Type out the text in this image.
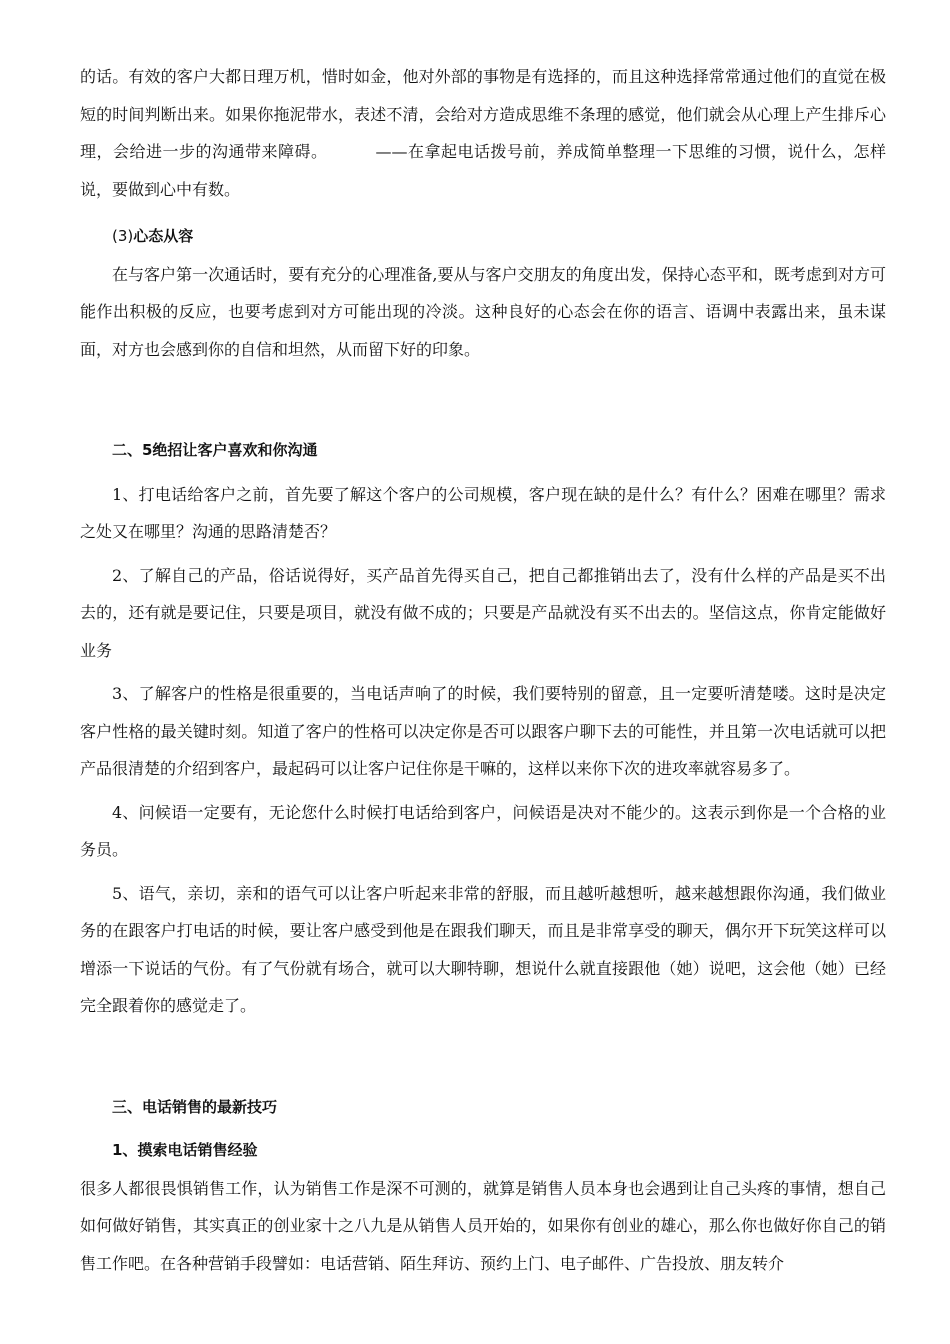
的话。有效的客户大都日理万机，惜时如金，他对外部的事物是有选择的，而且这种选择常常通过他们的直觉在极短的时间判断出来。如果你拖泥带水，表述不清，会给对方造成思维不条理的感觉，他们就会从心理上产生排斥心理，会给进一步的沟通带来障碍。	——在拿起电话拨号前，养成简单整理一下思维的习惯，说什么，怎样说，要做到心中有数。

(3)心态从容

在与客户第一次通话时，要有充分的心理准备,要从与客户交朋友的角度出发，保持心态平和，既考虑到对方可能作出积极的反应，也要考虑到对方可能出现的冷淡。这种良好的心态会在你的语言、语调中表露出来，虽未谋面，对方也会感到你的自信和坦然，从而留下好的印象。

二、5绝招让客户喜欢和你沟通

1、打电话给客户之前，首先要了解这个客户的公司规模，客户现在缺的是什么？有什么？困难在哪里？需求之处又在哪里？沟通的思路清楚否？

2、了解自己的产品，俗话说得好，买产品首先得买自己，把自己都推销出去了，没有什么样的产品是买不出去的，还有就是要记住，只要是项目，就没有做不成的；只要是产品就没有买不出去的。坚信这点，你肯定能做好业务

3、了解客户的性格是很重要的，当电话声响了的时候，我们要特别的留意，且一定要听清楚喽。这时是决定客户性格的最关键时刻。知道了客户的性格可以决定你是否可以跟客户聊下去的可能性，并且第一次电话就可以把产品很清楚的介绍到客户，最起码可以让客户记住你是干嘛的，这样以来你下次的进攻率就容易多了。

4、问候语一定要有，无论您什么时候打电话给到客户，问候语是决对不能少的。这表示到你是一个合格的业务员。

5、语气，亲切，亲和的语气可以让客户听起来非常的舒服，而且越听越想听，越来越想跟你沟通，我们做业务的在跟客户打电话的时候，要让客户感受到他是在跟我们聊天，而且是非常享受的聊天，偶尔开下玩笑这样可以增添一下说话的气份。有了气份就有场合，就可以大聊特聊，想说什么就直接跟他（她）说吧，这会他（她）已经完全跟着你的感觉走了。

三、电话销售的最新技巧

1、摸索电话销售经验

很多人都很畏惧销售工作，认为销售工作是深不可测的，就算是销售人员本身也会遇到让自己头疼的事情，想自己如何做好销售，其实真正的创业家十之八九是从销售人员开始的，如果你有创业的雄心，那么你也做好你自己的销售工作吧。在各种营销手段譬如：电话营销、陌生拜访、预约上门、电子邮件、广告投放、朋友转介
